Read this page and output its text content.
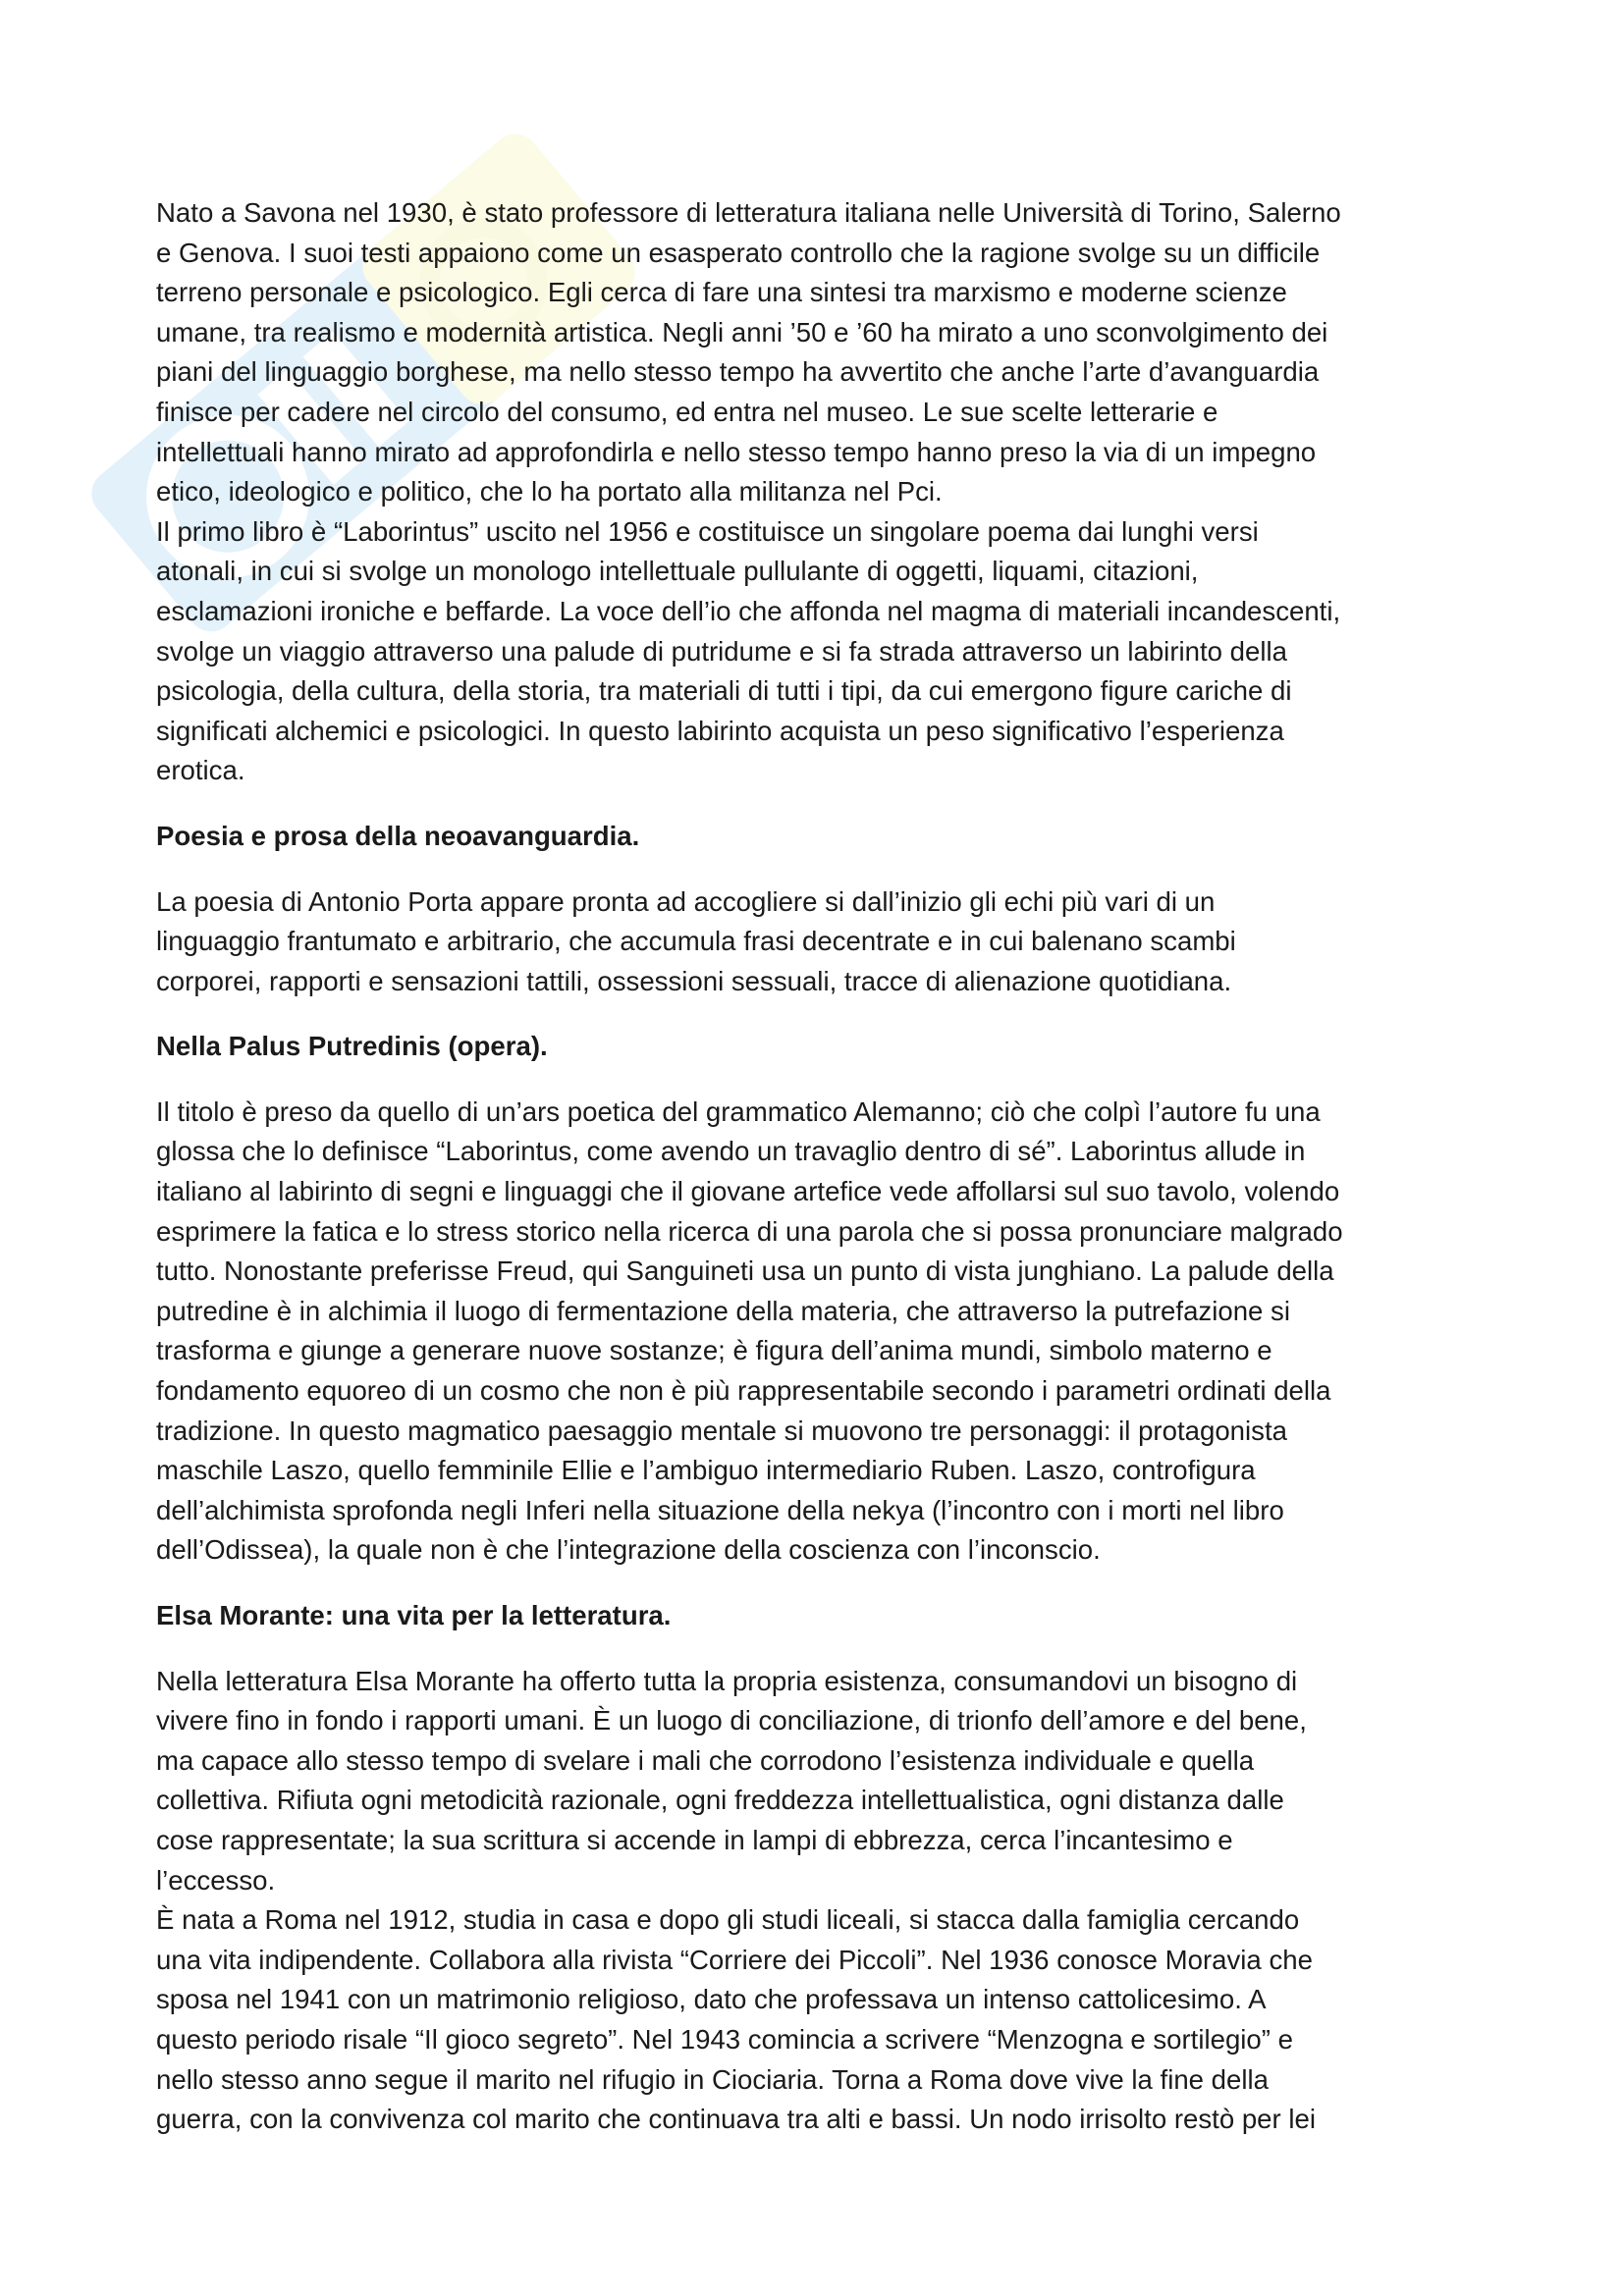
Nato a Savona nel 1930, è stato professore di letteratura italiana nelle Università di Torino, Salerno
e Genova. I suoi testi appaiono come un esasperato controllo che la ragione svolge su un difficile
terreno personale e psicologico. Egli cerca di fare una sintesi tra marxismo e moderne scienze
umane, tra realismo e modernità artistica. Negli anni ’50 e ’60 ha mirato a uno sconvolgimento dei
piani del linguaggio borghese, ma nello stesso tempo ha avvertito che anche l’arte d’avanguardia
finisce per cadere nel circolo del consumo, ed entra nel museo. Le sue scelte letterarie e
intellettuali hanno mirato ad approfondirla e nello stesso tempo hanno preso la via di un impegno
etico, ideologico e politico, che lo ha portato alla militanza nel Pci.
Il primo libro è “Laborintus” uscito nel 1956 e costituisce un singolare poema dai lunghi versi
atonali, in cui si svolge un monologo intellettuale pullulante di oggetti, liquami, citazioni,
esclamazioni ironiche e beffarde. La voce dell’io che affonda nel magma di materiali incandescenti,
svolge un viaggio attraverso una palude di putridume e si fa strada attraverso un labirinto della
psicologia, della cultura, della storia, tra materiali di tutti i tipi, da cui emergono figure cariche di
significati alchemici e psicologici. In questo labirinto acquista un peso significativo l’esperienza
erotica.

Poesia e prosa della neoavanguardia.

La poesia di Antonio Porta appare pronta ad accogliere si dall’inizio gli echi più vari di un
linguaggio frantumato e arbitrario, che accumula frasi decentrate e in cui balenano scambi
corporei, rapporti e sensazioni tattili, ossessioni sessuali, tracce di alienazione quotidiana.

Nella Palus Putredinis (opera).

Il titolo è preso da quello di un’ars poetica del grammatico Alemanno; ciò che colpì l’autore fu una
glossa che lo definisce “Laborintus, come avendo un travaglio dentro di sé”. Laborintus allude in
italiano al labirinto di segni e linguaggi che il giovane artefice vede affollarsi sul suo tavolo, volendo
esprimere la fatica e lo stress storico nella ricerca di una parola che si possa pronunciare malgrado
tutto. Nonostante preferisse Freud, qui Sanguineti usa un punto di vista junghiano. La palude della
putredine è in alchimia il luogo di fermentazione della materia, che attraverso la putrefazione si
trasforma e giunge a generare nuove sostanze; è figura dell’anima mundi, simbolo materno e
fondamento equoreo di un cosmo che non è più rappresentabile secondo i parametri ordinati della
tradizione. In questo magmatico paesaggio mentale si muovono tre personaggi: il protagonista
maschile Laszo, quello femminile Ellie e l’ambiguo intermediario Ruben. Laszo, controfigura
dell’alchimista sprofonda negli Inferi nella situazione della nekya (l’incontro con i morti nel libro
dell’Odissea), la quale non è che l’integrazione della coscienza con l’inconscio.

Elsa Morante: una vita per la letteratura.

Nella letteratura Elsa Morante ha offerto tutta la propria esistenza, consumandovi un bisogno di
vivere fino in fondo i rapporti umani. È un luogo di conciliazione, di trionfo dell’amore e del bene,
ma capace allo stesso tempo di svelare i mali che corrodono l’esistenza individuale e quella
collettiva. Rifiuta ogni metodicità razionale, ogni freddezza intellettualistica, ogni distanza dalle
cose rappresentate; la sua scrittura si accende in lampi di ebbrezza, cerca l’incantesimo e
l’eccesso.
È nata a Roma nel 1912, studia in casa e dopo gli studi liceali, si stacca dalla famiglia cercando
una vita indipendente. Collabora alla rivista “Corriere dei Piccoli”. Nel 1936 conosce Moravia che
sposa nel 1941 con un matrimonio religioso, dato che professava un intenso cattolicesimo. A
questo periodo risale “Il gioco segreto”. Nel 1943 comincia a scrivere “Menzogna e sortilegio” e
nello stesso anno segue il marito nel rifugio in Ciociaria. Torna a Roma dove vive la fine della
guerra, con la convivenza col marito che continuava tra alti e bassi. Un nodo irrisolto restò per lei
